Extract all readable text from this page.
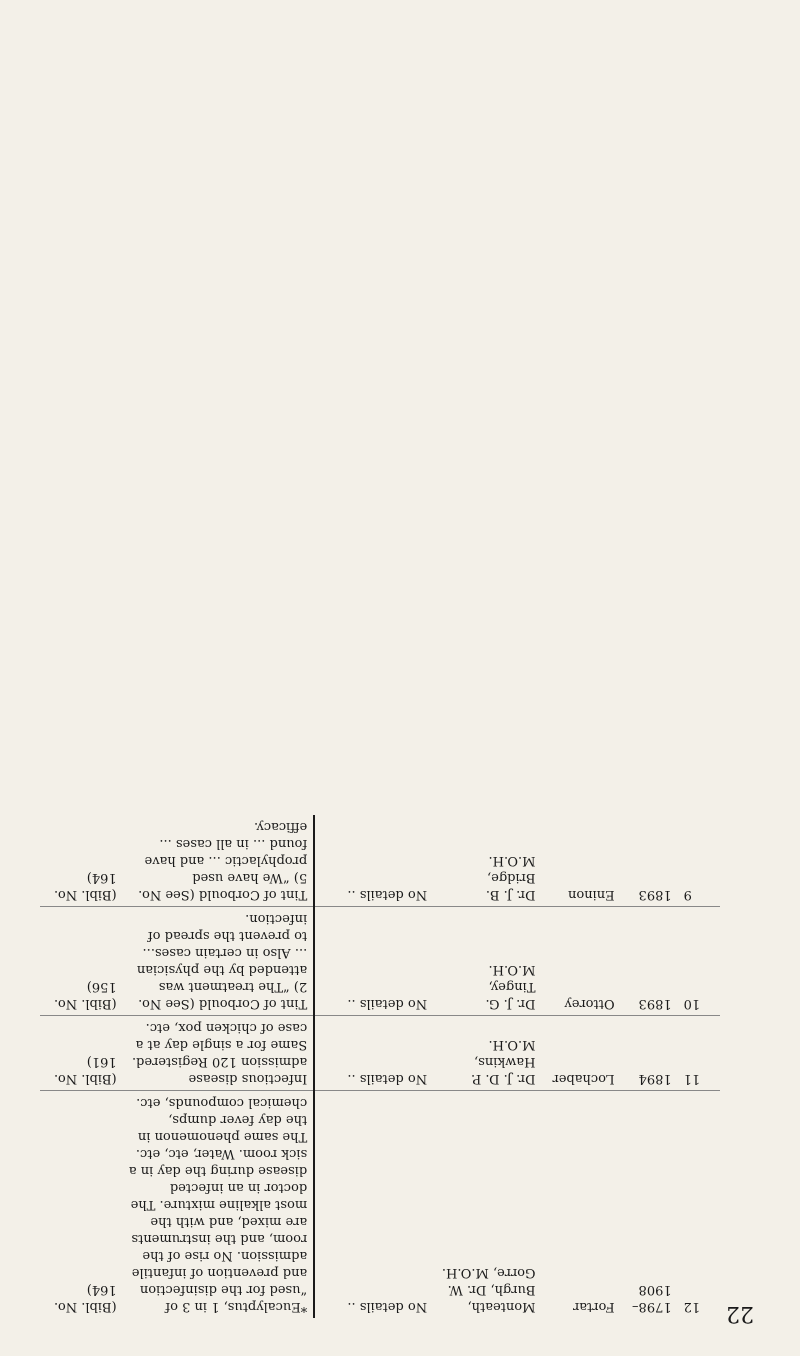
22
12	1798–1908	Fortar	Monteath, Burgh, Dr. W. Gorre, M.O.H.	No details ..	*Eucalyptus, 1 in 3 of “used for the disinfection and prevention of infantile admission. No rise of the room, and the instruments are mixed, and with the most alkaline mixture. The doctor in an infected disease during the day in a sick room. Water, etc, etc. The same phenomenon in the day fever dumps, chemical compounds, etc.	(Bibl. No. 164)
11	1894	Lochaber	Dr. J. D. P. Hawkins, M.O.H.	No details ..	Infectious disease admission 120 Registered. Same for a single day at a case of chicken pox, etc.	(Bibl. No. 161)
10	1893	Ottorey	Dr. J. G. Tingey, M.O.H.	No details ..	Tint of Corbould (See No. 2) “The treatment was attended by the physician ... Also in certain cases... to prevent the spread of infection.	(Bibl. No. 156)
9	1893	Eninon	Dr. J. B. Bridge, M.O.H.	No details ..	Tint of Corbould (See No. 5) “We have used prophylactic ... and have found ... in all cases ... efficacy.	(Bibl. No. 164)
